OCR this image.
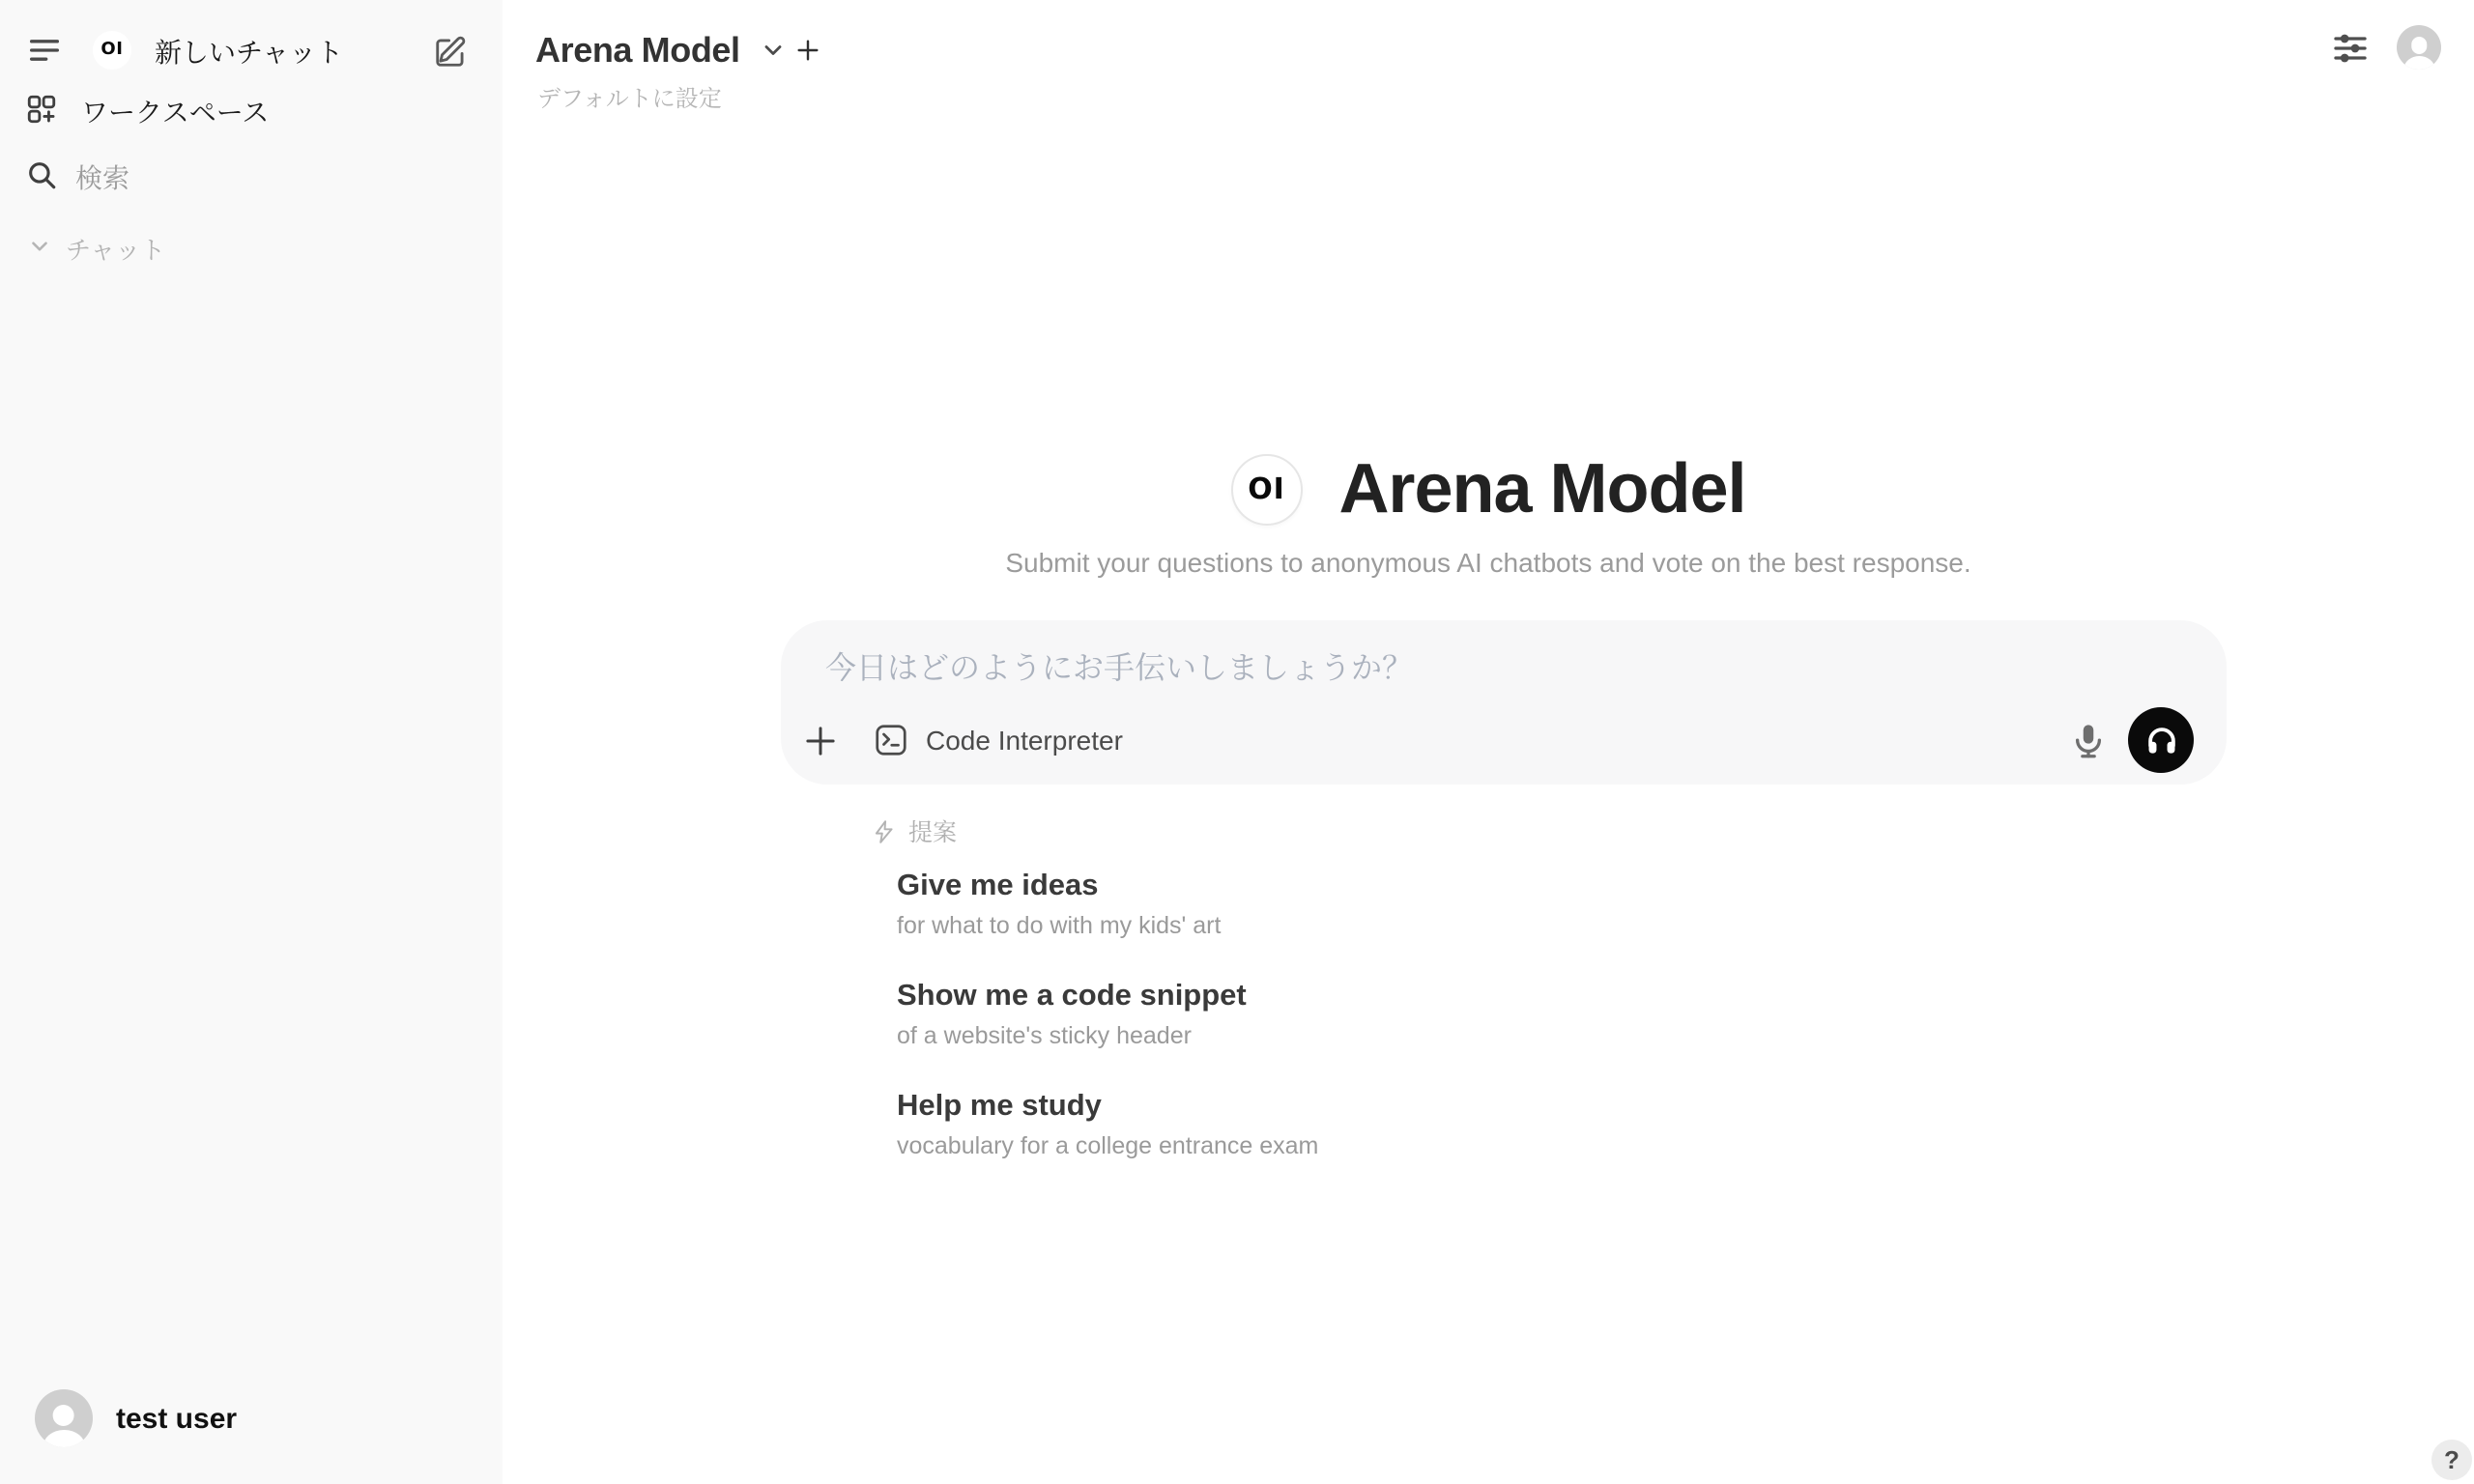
OI	新しいチャット
ワークスペース
検索
チャット
test user
Arena Model
デフォルトに設定
OI	Arena Model
Submit your questions to anonymous AI chatbots and vote on the best response.
今日はどのようにお手伝いしましょうか？
Code Interpreter
提案
Give me ideas
for what to do with my kids' art
Show me a code snippet
of a website's sticky header
Help me study
vocabulary for a college entrance exam
?
